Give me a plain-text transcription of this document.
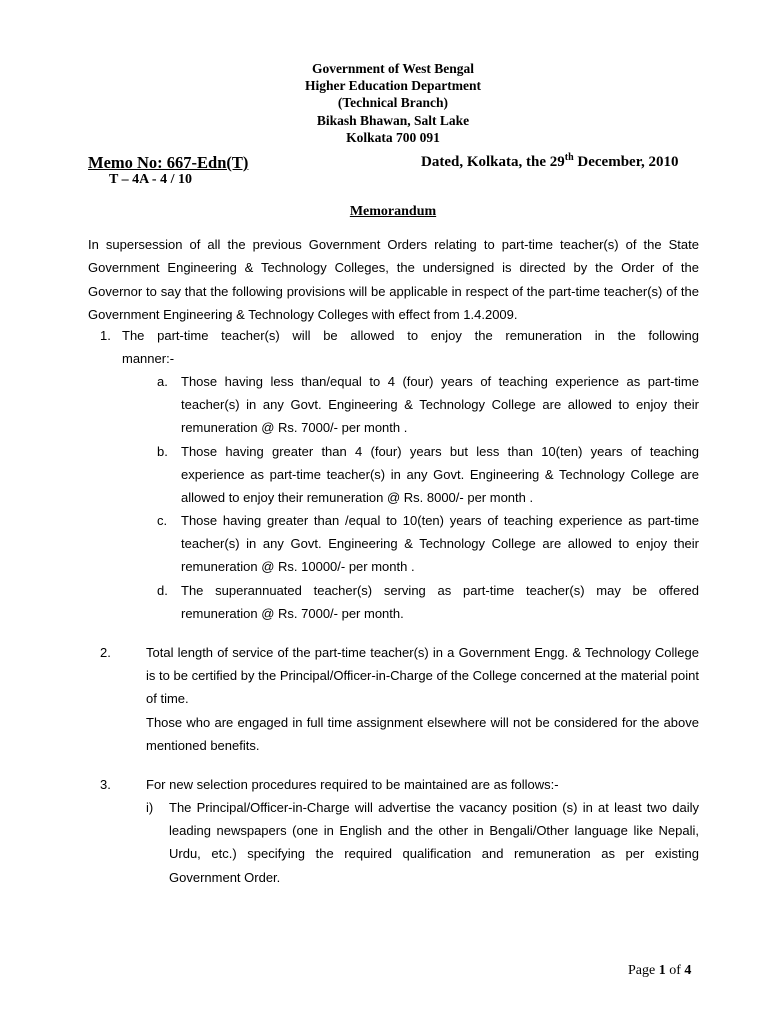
Government of West Bengal
Higher Education Department
(Technical Branch)
Bikash Bhawan, Salt Lake
Kolkata 700 091
Memo No: 667-Edn(T)	Dated, Kolkata, the 29th December, 2010
T – 4A - 4 / 10
Memorandum
In supersession of all the previous Government Orders relating to part-time teacher(s) of the State Government Engineering & Technology Colleges, the undersigned is directed by the Order of the Governor to say that the following provisions will be applicable in respect of the part-time teacher(s) of the Government Engineering & Technology Colleges with effect from 1.4.2009.
1. The part-time teacher(s) will be allowed to enjoy the remuneration in the following
manner:-
a. Those having less than/equal to 4 (four) years of teaching experience as part-time teacher(s) in any Govt. Engineering & Technology College are allowed to enjoy their remuneration @ Rs. 7000/- per month .
b. Those having greater than 4 (four) years but less than 10(ten) years of teaching experience as part-time teacher(s) in any Govt. Engineering & Technology College are allowed to enjoy their remuneration @ Rs. 8000/- per month .
c. Those having greater than /equal to 10(ten) years of teaching experience as part-time teacher(s) in any Govt. Engineering & Technology College are allowed to enjoy their remuneration @ Rs. 10000/- per month .
d. The superannuated teacher(s) serving as part-time teacher(s) may be offered remuneration @ Rs. 7000/- per month.
2.	Total length of service of the part-time teacher(s) in a Government Engg. & Technology College is to be certified by the Principal/Officer-in-Charge of the College concerned at the material point of time.
Those who are engaged in full time assignment elsewhere will not be considered for the above mentioned benefits.
3.	For new selection procedures required to be maintained are as follows:-
i) The Principal/Officer-in-Charge will advertise the vacancy position (s) in at least two daily leading newspapers (one in English and the other in Bengali/Other language like Nepali, Urdu, etc.) specifying the required qualification and remuneration as per existing Government Order.
Page 1 of 4
